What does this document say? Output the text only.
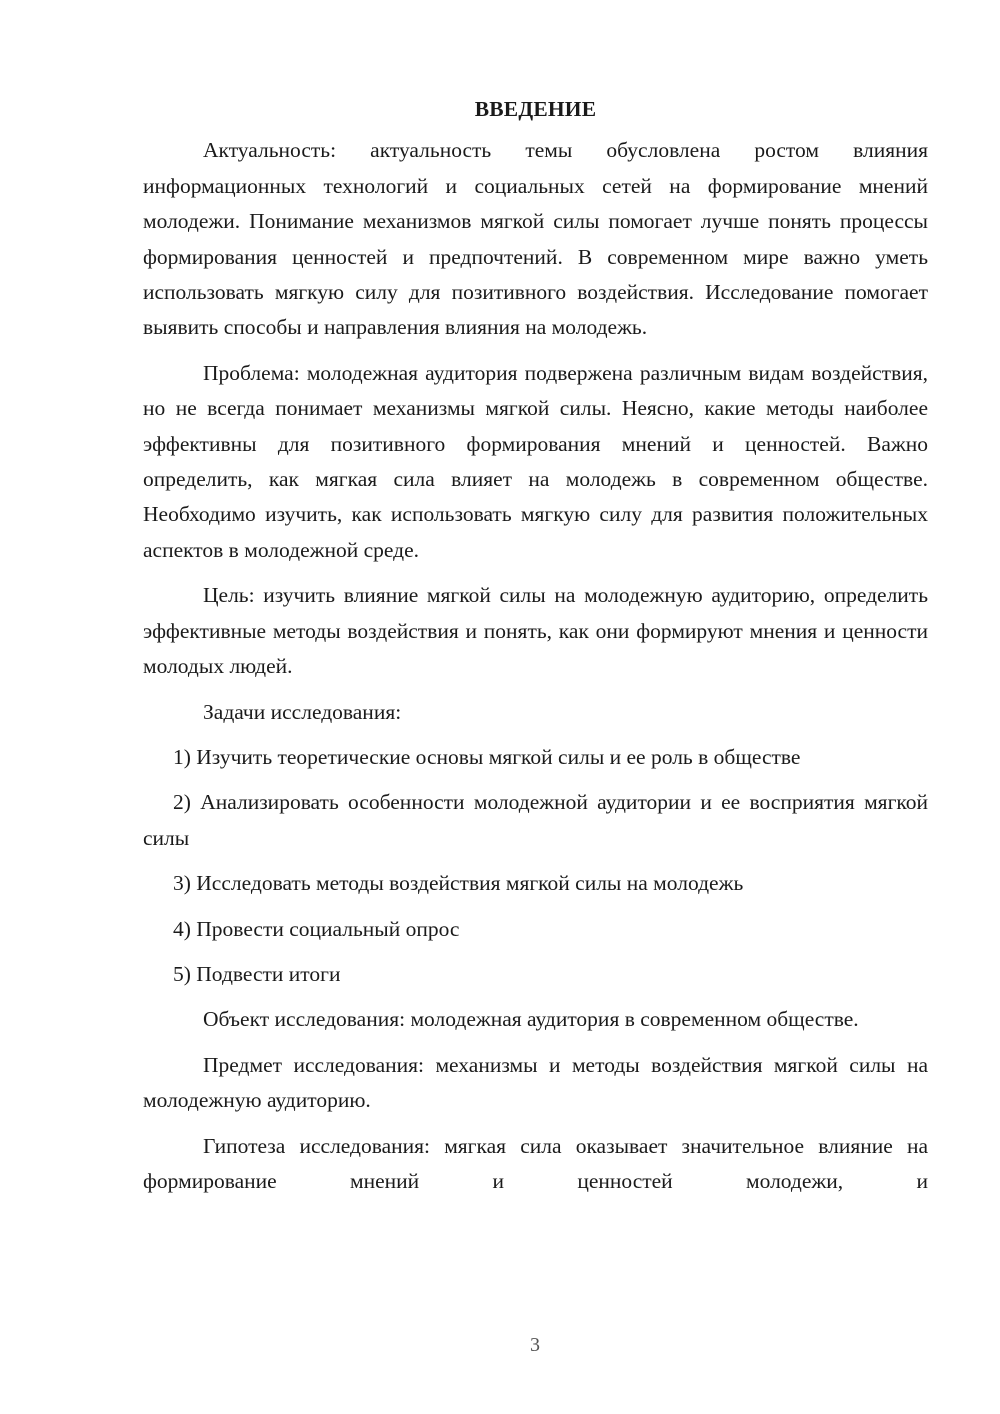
ВВЕДЕНИЕ

Актуальность: актуальность темы обусловлена ростом влияния информационных технологий и социальных сетей на формирование мнений молодежи. Понимание механизмов мягкой силы помогает лучше понять процессы формирования ценностей и предпочтений. В современном мире важно уметь использовать мягкую силу для позитивного воздействия. Исследование помогает выявить способы и направления влияния на молодежь.

Проблема: молодежная аудитория подвержена различным видам воздействия, но не всегда понимает механизмы мягкой силы. Неясно, какие методы наиболее эффективны для позитивного формирования мнений и ценностей. Важно определить, как мягкая сила влияет на молодежь в современном обществе. Необходимо изучить, как использовать мягкую силу для развития положительных аспектов в молодежной среде.

Цель: изучить влияние мягкой силы на молодежную аудиторию, определить эффективные методы воздействия и понять, как они формируют мнения и ценности молодых людей.

Задачи исследования:

1) Изучить теоретические основы мягкой силы и ее роль в обществе

2) Анализировать особенности молодежной аудитории и ее восприятия мягкой силы

3) Исследовать методы воздействия мягкой силы на молодежь

4) Провести социальный опрос

5) Подвести итоги

Объект исследования: молодежная аудитория в современном обществе.

Предмет исследования: механизмы и методы воздействия мягкой силы на молодежную аудиторию.

Гипотеза исследования: мягкая сила оказывает значительное влияние на формирование мнений и ценностей молодежи, и

3
